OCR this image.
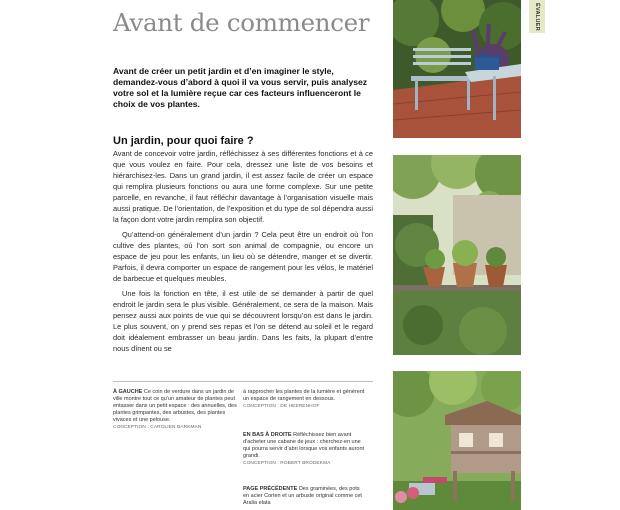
Avant de commencer
Avant de créer un petit jardin et d’en imaginer le style, demandez-vous d’abord à quoi il va vous servir, puis analysez votre sol et la lumière reçue car ces facteurs influenceront le choix de vos plantes.
Un jardin, pour quoi faire ?

Avant de concevoir votre jardin, réfléchissez à ses différentes fonctions et à ce que vous voulez en faire. Pour cela, dressez une liste de vos besoins et hiérarchisez-les. Dans un grand jardin, il est assez facile de créer un espace qui remplira plusieurs fonctions ou aura une forme complexe. Sur une petite parcelle, en revanche, il faut réfléchir davantage à l’organisation visuelle mais aussi pratique. De l’orientation, de l’exposition et du type de sol dépendra aussi la façon dont votre jardin remplira son objectif.

Qu’attend-on généralement d’un jardin ? Cela peut être un endroit où l’on cultive des plantes, où l’on sort son animal de compagnie, ou encore un espace de jeu pour les enfants, un lieu où se détendre, manger et se divertir. Parfois, il devra comporter un espace de rangement pour les vélos, le matériel de barbecue et quelques meubles.

Une fois la fonction en tête, il est utile de se demander à partir de quel endroit le jardin sera le plus visible. Généralement, ce sera de la maison. Mais pensez aussi aux points de vue qui se découvrent lorsqu’on est dans le jardin. Le plus souvent, on y prend ses repas et l’on se détend au soleil et le regard doit idéalement embrasser un beau jardin. Dans les faits, la plupart d’entre nous dînent ou se

À GAUCHE Ce coin de verdure dans un jardin de ville montre tout ce qu’un amateur de plantes peut entasser dans un petit espace : des annuelles, des plantes grimpantes, des arbustes, des plantes vivaces et une pelouse.
CONCEPTION : CAROLIEN BARKMAN
à rapprocher les plantes de la lumière et génèrent un espace de rangement en dessous.
CONCEPTION : DE HEERENHOF
EN BAS À DROITE Réfléchissez bien avant d’acheter une cabane de jeux : cherchez-en une qui pourra servir d’abri lorsque vos enfants auront grandi.
CONCEPTION : ROBERT BRODEKMA
PAGE PRÉCÉDENTE Des graminées, des pots en acier Corten et un arbuste original comme cet Aralia elata
ÉVALUER
